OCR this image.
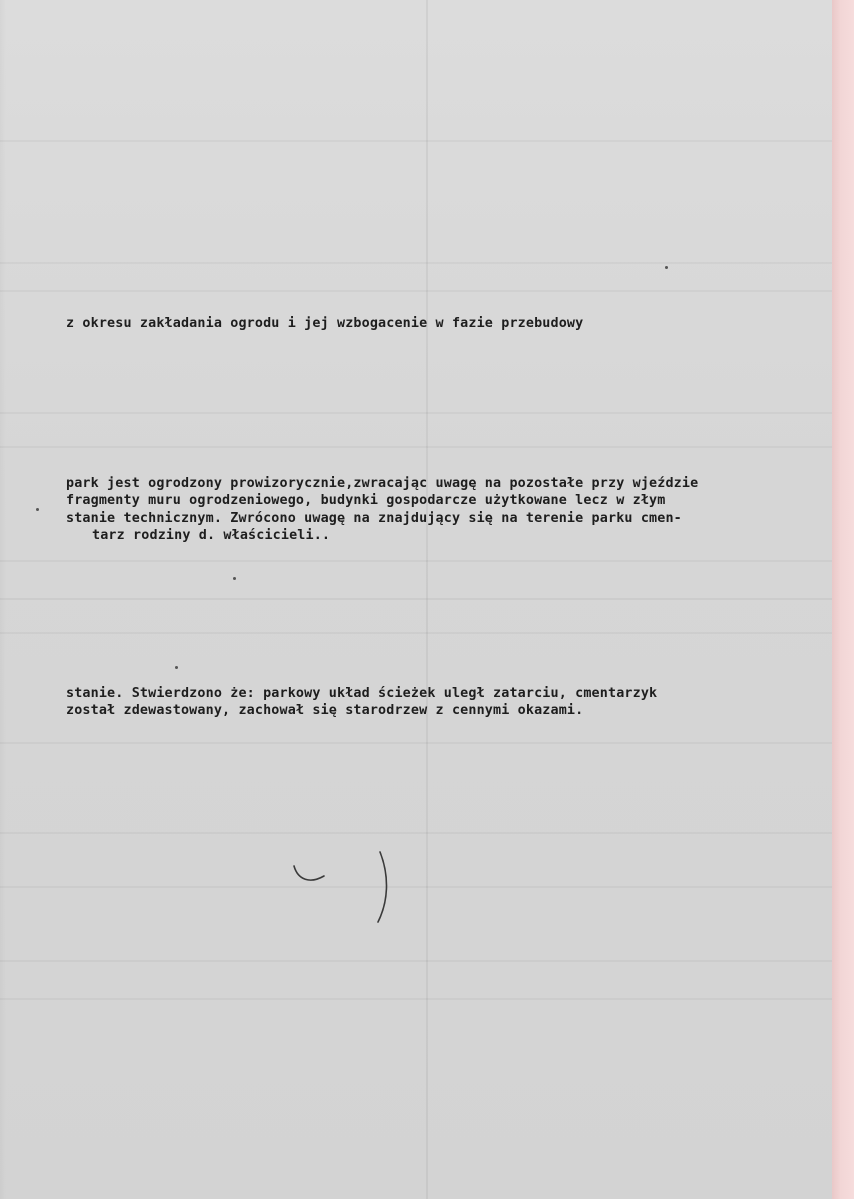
z okresu zakładania ogrodu i jej wzbogacenie w fazie przebudowy

park jest ogrodzony prowizorycznie,zwracając uwagę na pozostałe przy wjeździe

fragmenty muru ogrodzeniowego, budynki gospodarcze użytkowane lecz w złym

stanie technicznym. Zwrócono uwagę na znajdujący się na terenie parku cmen-

tarz rodziny d. właścicieli..

stanie. Stwierdzono że: parkowy układ ścieżek uległ zatarciu, cmentarzyk

został zdewastowany, zachował się starodrzew z cennymi okazami.
